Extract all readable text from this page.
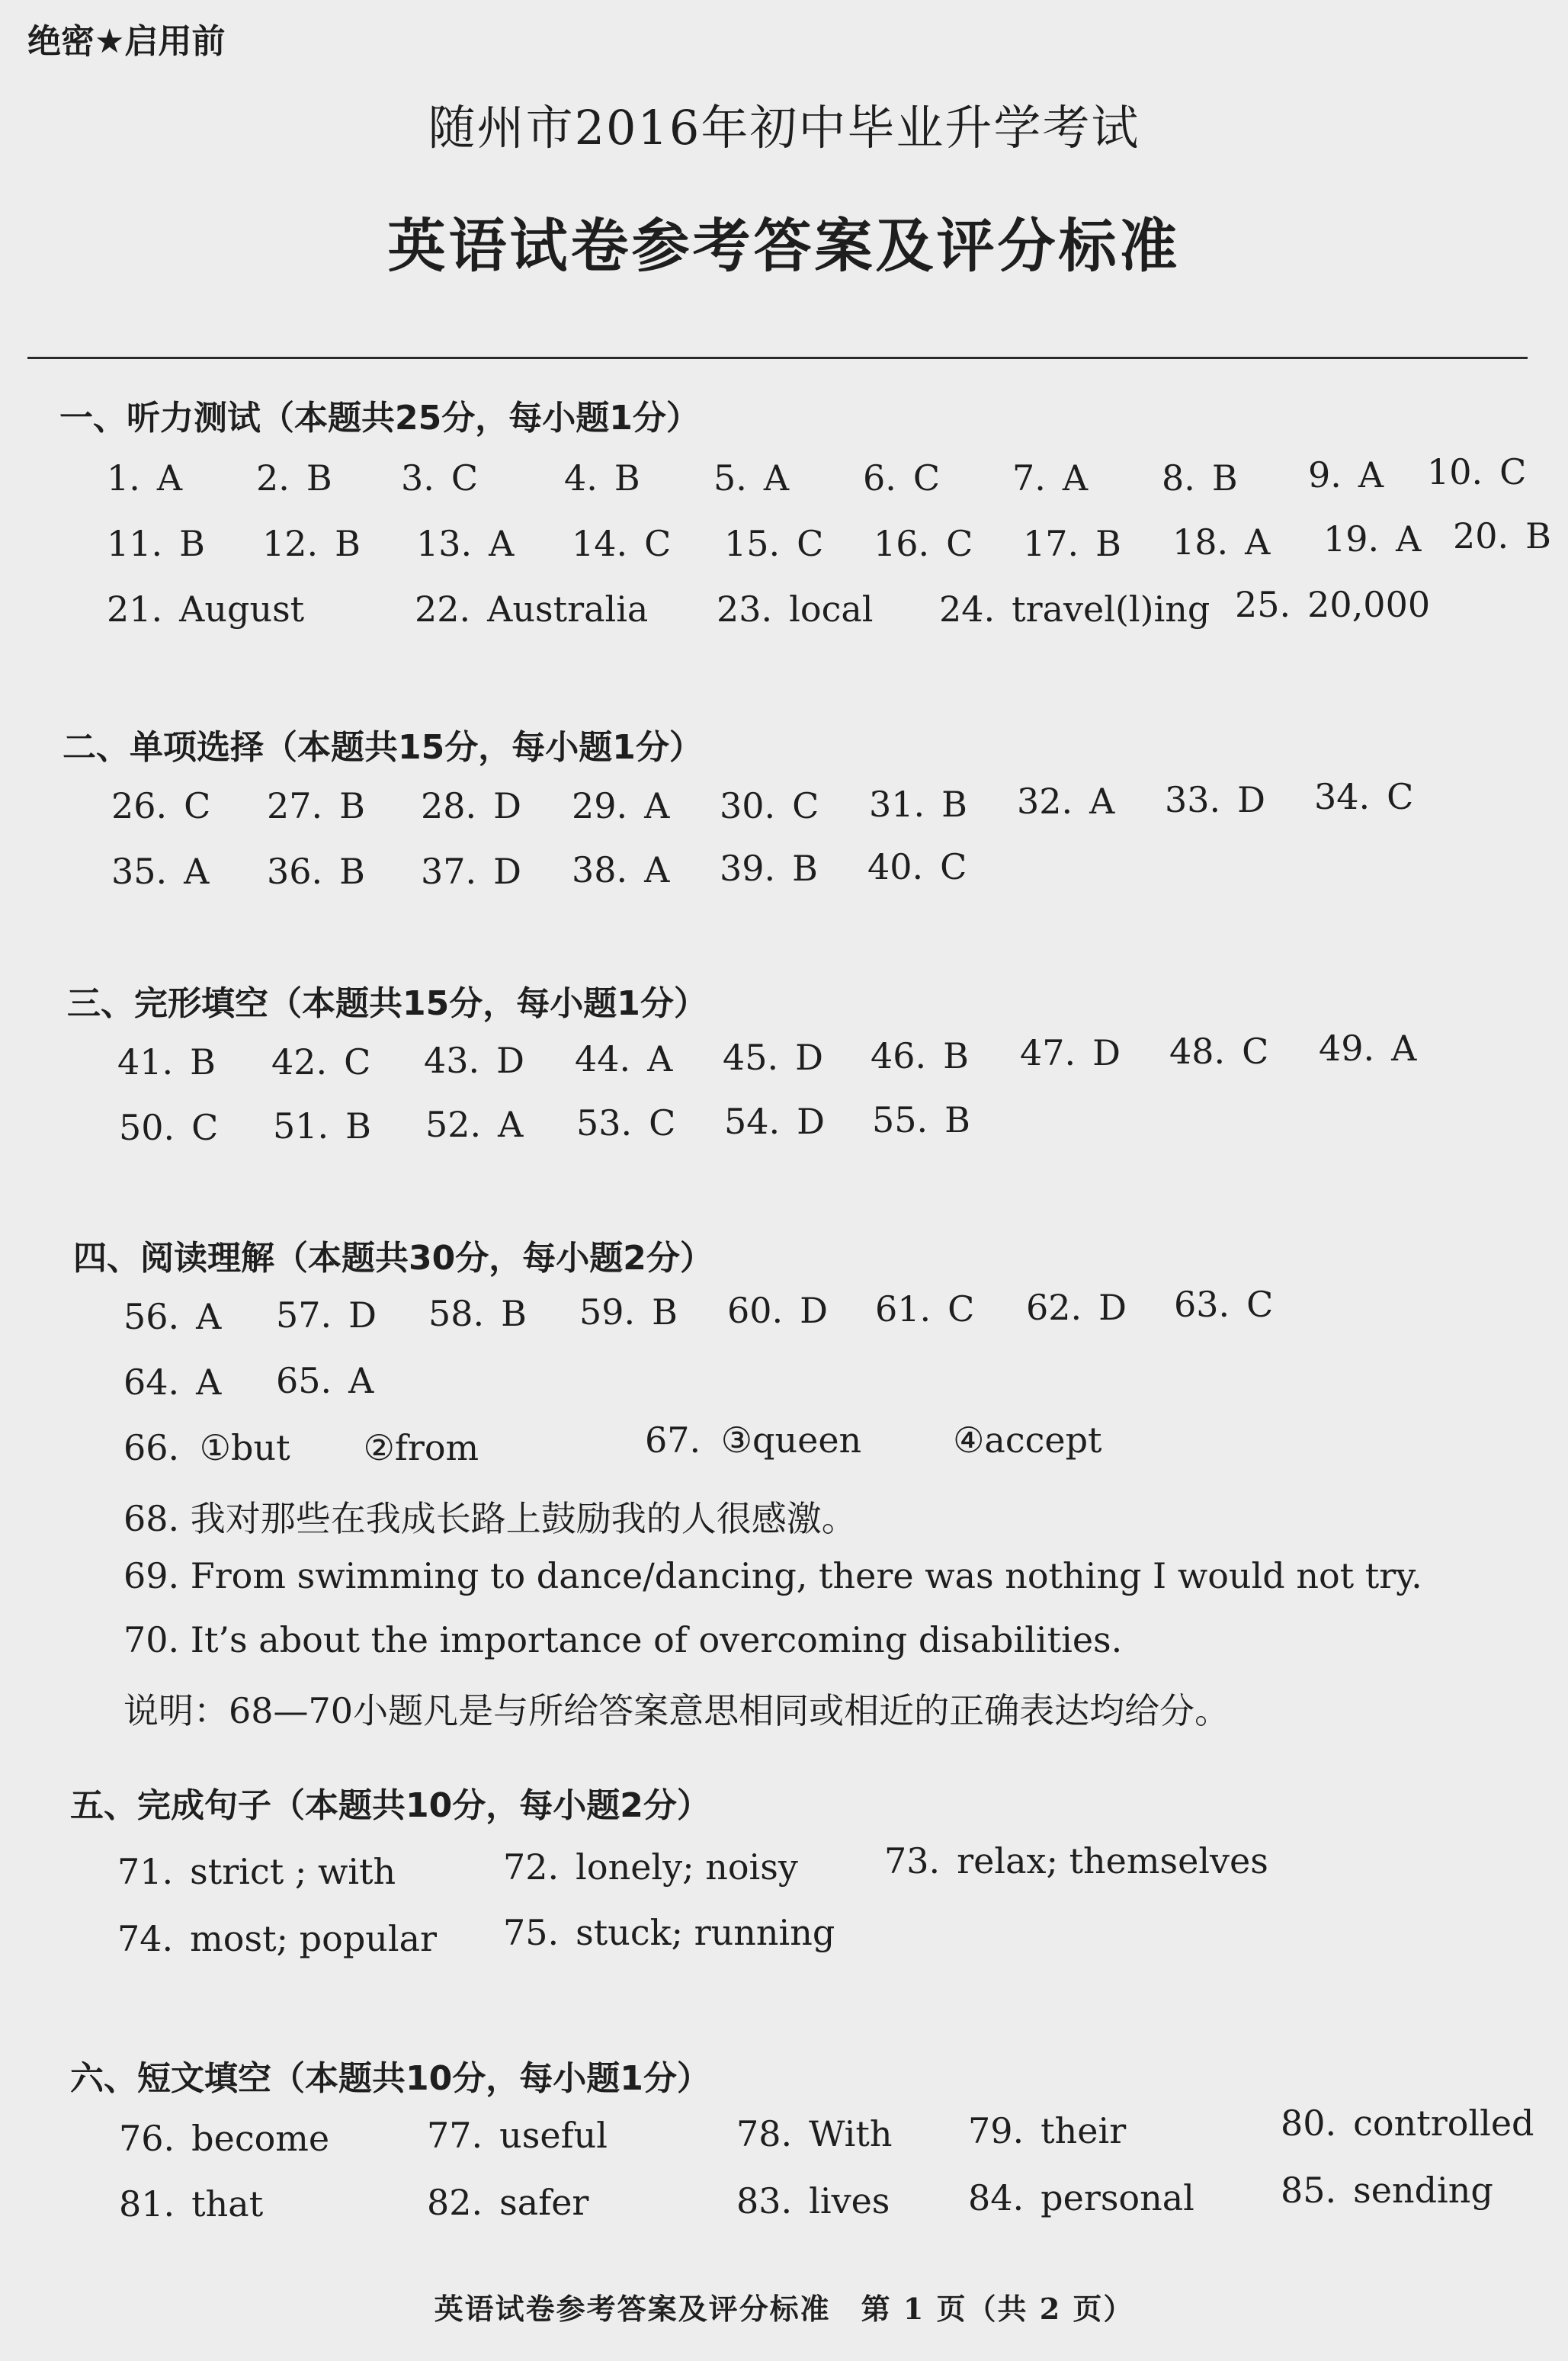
绝密★启用前
随州市2016年初中毕业升学考试
英语试卷参考答案及评分标准
一、听力测试（本题共25分，每小题1分）
1. A 2. B 3. C 4. B 5. A 6. C 7. A 8. B 9. A 10. C
11. B 12. B 13. A 14. C 15. C 16. C 17. B 18. A 19. A 20. B
21. August	22. Australia 23. local 24. travel(l)ing 25. 20,000
二、单项选择（本题共15分，每小题1分）
26. C 27. B 28. D 29. A 30. C 31. B 32. A 33. D 34. C
35. A 36. B 37. D 38. A 39. B 40. C
三、完形填空（本题共15分，每小题1分）
41. B 42. C 43. D 44. A 45. D 46. B 47. D 48. C 49. A
50. C 51. B 52. A 53. C 54. D 55. B
四、阅读理解（本题共30分，每小题2分）
56. A 57. D 58. B 59. B 60. D 61. C 62. D 63. C
64. A 65. A
66. ①but ②from	67. ③queen	④accept
68. 我对那些在我成长路上鼓励我的人很感激。
69. From swimming to dance/dancing, there was nothing I would not try.
70. It’s about the importance of overcoming disabilities.
说明：68—70小题凡是与所给答案意思相同或相近的正确表达均给分。
五、完成句子（本题共10分，每小题2分）
71. strict ; with	72. lonely; noisy 73. relax; themselves
74. most; popular 75. stuck; running
六、短文填空（本题共10分，每小题1分）
76. become	77. useful	78. With 79. their	80. controlled
81. that	82. safer	83. lives 84. personal 85. sending
英语试卷参考答案及评分标准 第 1 页（共 2 页）
